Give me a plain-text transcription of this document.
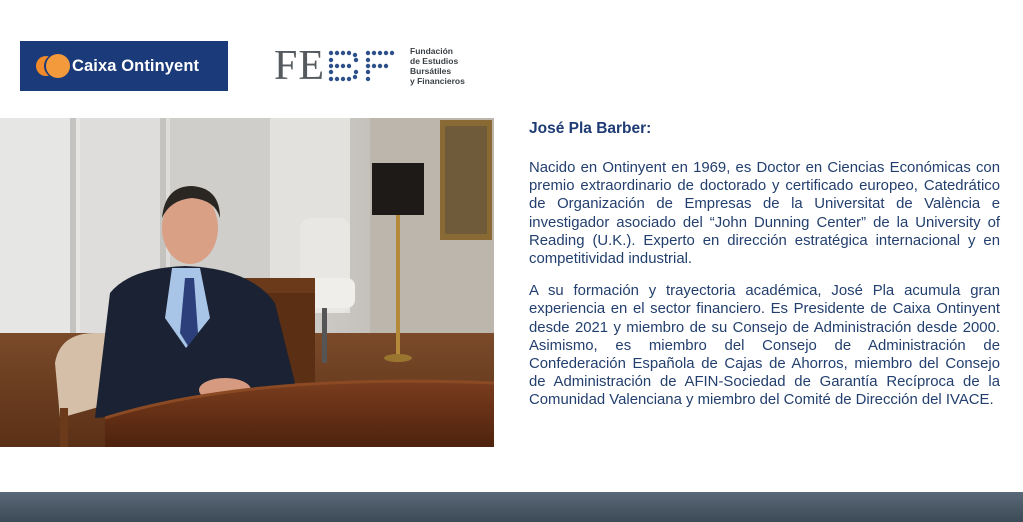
Caixa Ontinyent FE	Fundación
de Estudios
Bursátiles
y Financieros
José Pla Barber:

Nacido en Ontinyent en 1969, es Doctor en Ciencias Económicas con premio extraordinario de doctorado y certificado europeo, Catedrático de Organización de Empresas de la Universitat de València e investigador asociado del “John Dunning Center” de la University of Reading (U.K.). Experto en dirección estratégica internacional y en competitividad industrial.

A su formación y trayectoria académica, José Pla acumula gran experiencia en el sector financiero. Es Presidente de Caixa Ontinyent desde 2021 y miembro de su Consejo de Administración desde 2000. Asimismo, es miembro del Consejo de Administración de Confederación Española de Cajas de Ahorros, miembro del Consejo de Administración de AFIN-Sociedad de Garantía Recíproca de la Comunidad Valenciana y miembro del Comité de Dirección del IVACE.
